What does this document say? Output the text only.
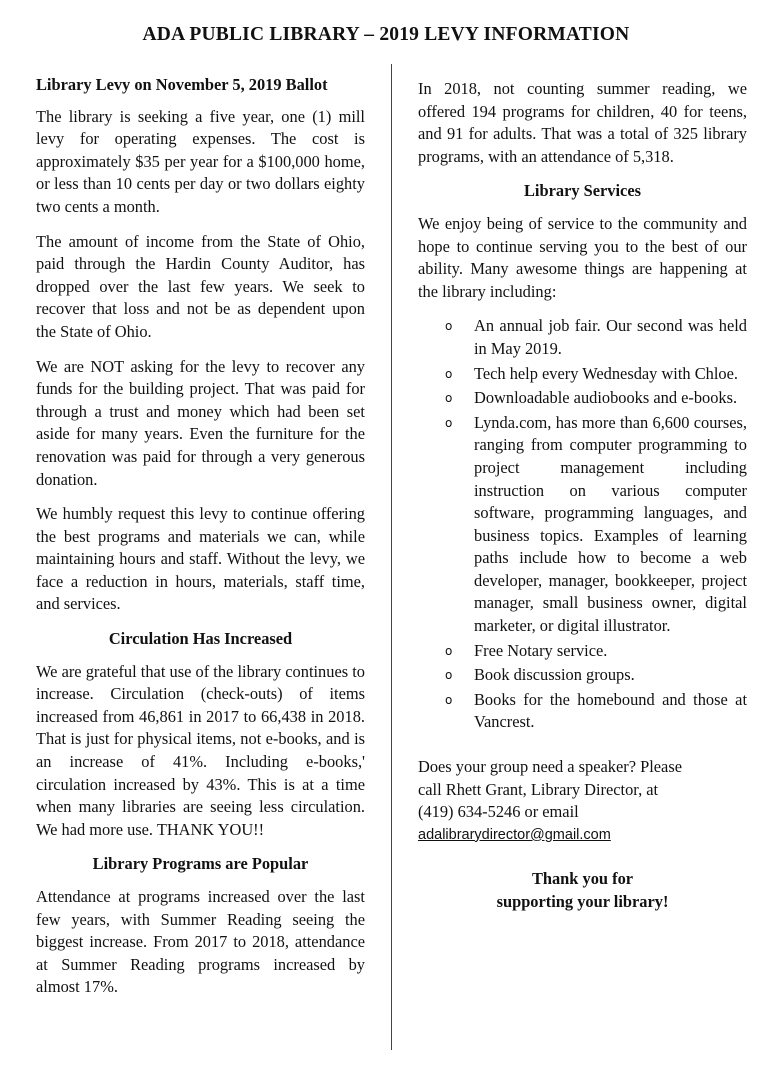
ADA PUBLIC LIBRARY – 2019 LEVY INFORMATION
Library Levy on November 5, 2019 Ballot

The library is seeking a five year, one (1) mill levy for operating expenses. The cost is approximately $35 per year for a $100,000 home, or less than 10 cents per day or two dollars eighty two cents a month.

The amount of income from the State of Ohio, paid through the Hardin County Auditor, has dropped over the last few years. We seek to recover that loss and not be as dependent upon the State of Ohio.

We are NOT asking for the levy to recover any funds for the building project. That was paid for through a trust and money which had been set aside for many years. Even the furniture for the renovation was paid for through a very generous donation.

We humbly request this levy to continue offering the best programs and materials we can, while maintaining hours and staff. Without the levy, we face a reduction in hours, materials, staff time, and services.

Circulation Has Increased

We are grateful that use of the library continues to increase. Circulation (check-outs) of items increased from 46,861 in 2017 to 66,438 in 2018. That is just for physical items, not e-books, and is an increase of 41%. Including e-books,' circulation increased by 43%. This is at a time when many libraries are seeing less circulation. We had more use. THANK YOU!!

Library Programs are Popular

Attendance at programs increased over the last few years, with Summer Reading seeing the biggest increase. From 2017 to 2018, attendance at Summer Reading programs increased by almost 17%.

In 2018, not counting summer reading, we offered 194 programs for children, 40 for teens, and 91 for adults. That was a total of 325 library programs, with an attendance of 5,318.

Library Services

We enjoy being of service to the community and hope to continue serving you to the best of our ability. Many awesome things are happening at the library including:

o An annual job fair. Our second was held in May 2019.
o Tech help every Wednesday with Chloe.
o Downloadable audiobooks and e-books.
o Lynda.com, has more than 6,600 courses, ranging from computer programming to project management including instruction on various computer software, programming languages, and business topics. Examples of learning paths include how to become a web developer, manager, bookkeeper, project manager, small business owner, digital marketer, or digital illustrator.
o Free Notary service.
o Book discussion groups.
o Books for the homebound and those at Vancrest.
Does your group need a speaker? Please
call Rhett Grant, Library Director, at
(419) 634-5246 or email
adalibrarydirector@gmail.com
Thank you for
supporting your library!
